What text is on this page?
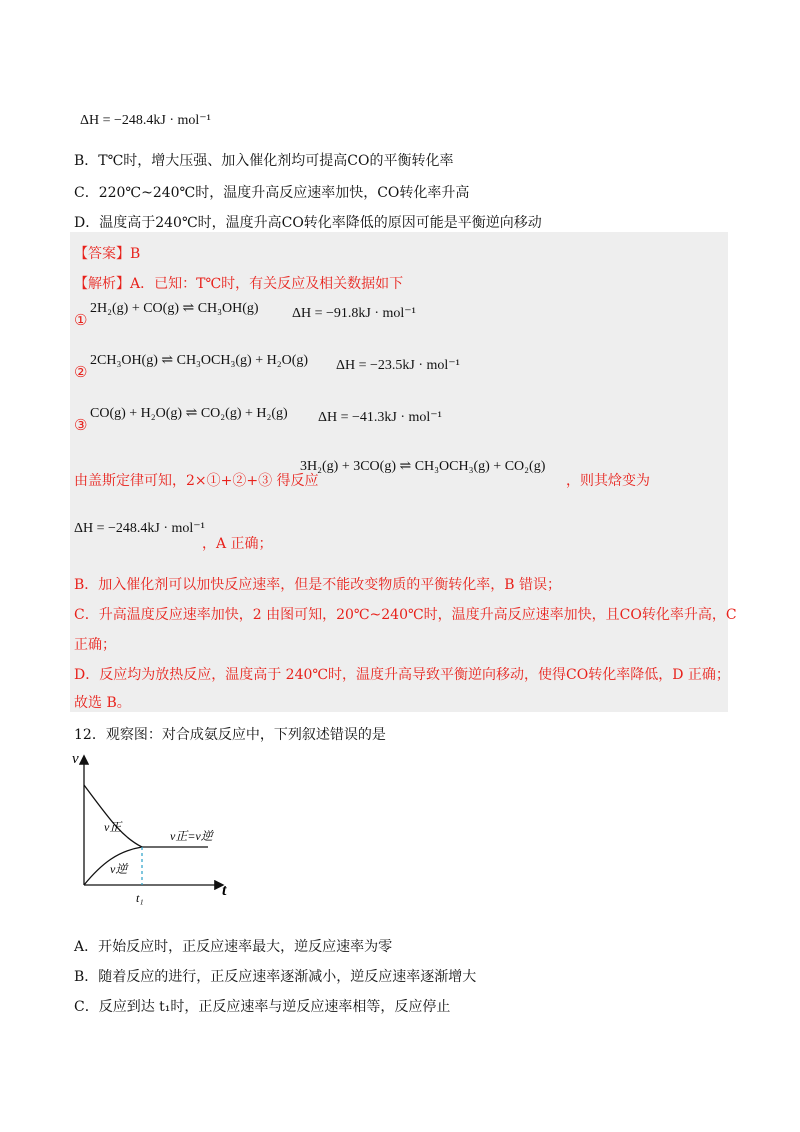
ΔH = −248.4kJ · mol⁻¹
B．T℃时，增大压强、加入催化剂均可提高CO的平衡转化率
C．220℃~240℃时，温度升高反应速率加快，CO转化率升高
D．温度高于240℃时，温度升高CO转化率降低的原因可能是平衡逆向移动
【答案】B
【解析】A．已知：T℃时，有关反应及相关数据如下
①
2H₂(g) + CO(g) ⇌ CH₃OH(g) ΔH = −91.8kJ · mol⁻¹
②
2CH₃OH(g) ⇌ CH₃OCH₃(g) + H₂O(g) ΔH = −23.5kJ · mol⁻¹
③
CO(g) + H₂O(g) ⇌ CO₂(g) + H₂(g) ΔH = −41.3kJ · mol⁻¹
由盖斯定律可知，2×①+②+③ 得反应
3H₂(g) + 3CO(g) ⇌ CH₃OCH₃(g) + CO₂(g)
，则其焓变为
ΔH = −248.4kJ · mol⁻¹
，A 正确；
B．加入催化剂可以加快反应速率，但是不能改变物质的平衡转化率，B 错误；
C．升高温度反应速率加快，2 由图可知，20℃~240℃时，温度升高反应速率加快，且CO转化率升高，C
正确；
D．反应均为放热反应，温度高于 240℃时，温度升高导致平衡逆向移动，使得CO转化率降低，D 正确；
故选 B。
12．观察图：对合成氨反应中，下列叙述错误的是
v
t
t₁
v正
v逆
v正=v逆
A．开始反应时，正反应速率最大，逆反应速率为零
B．随着反应的进行，正反应速率逐渐减小，逆反应速率逐渐增大
C．反应到达 t₁时，正反应速率与逆反应速率相等，反应停止
